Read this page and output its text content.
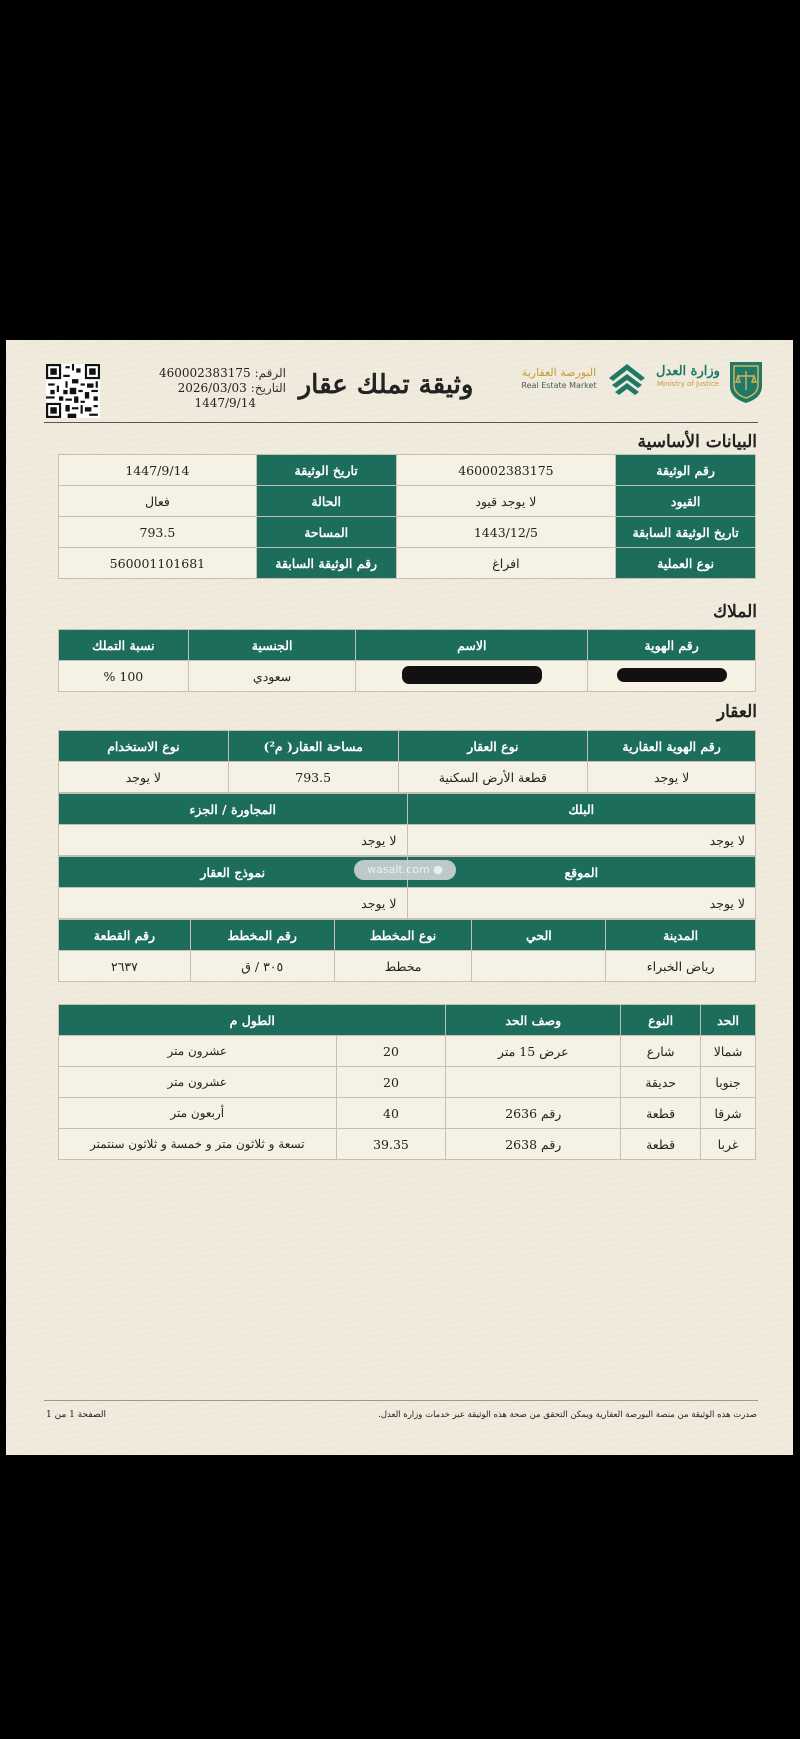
الرقم:
460002383175
التاريخ:
2026/03/03
1447/9/14
وثيقة تملك عقار	البورصة العقارية
Real Estate Market
وزارة العدل
Ministry of Justice
البيانات الأساسية
رقم الوثيقة	460002383175	تاريخ الوثيقة	1447/9/14
القيود	لا يوجد قيود	الحالة	فعال
تاريخ الوثيقة السابقة	1443/12/5	المساحة	793.5
نوع العملية	افراغ	رقم الوثيقة السابقة	560001101681
الملاك
رقم الهوية	الاسم	الجنسية	نسبة التملك
		سعودي	100 %
العقار
رقم الهوية العقارية	نوع العقار	مساحة العقار( م²)	نوع الاستخدام
لا يوجد	قطعة الأرض السكنية	793.5	لا يوجد
البلك	المجاورة / الجزء
لا يوجد	لا يوجد
الموقع	نموذج العقار
لا يوجد	لا يوجد
المدينة	الحي	نوع المخطط	رقم المخطط	رقم القطعة
رياض الخبراء		مخطط	٣٠٥ / ق	٢٦٣٧
wasalt.com ●
الحد	النوع	وصف الحد	الطول م	
شمالا	شارع	عرض 15 متر	20	عشرون متر
جنوبا	حديقة		20	عشرون متر
شرقا	قطعة	رقم 2636	40	أربعون متر
غربا	قطعة	رقم 2638	39.35	تسعة و ثلاثون متر و خمسة و ثلاثون سنتمتر
الصفحة 1 من 1	صدرت هذه الوثيقة من منصة البورصة العقارية ويمكن التحقق من صحة هذه الوثيقة عبر خدمات وزارة العدل.
